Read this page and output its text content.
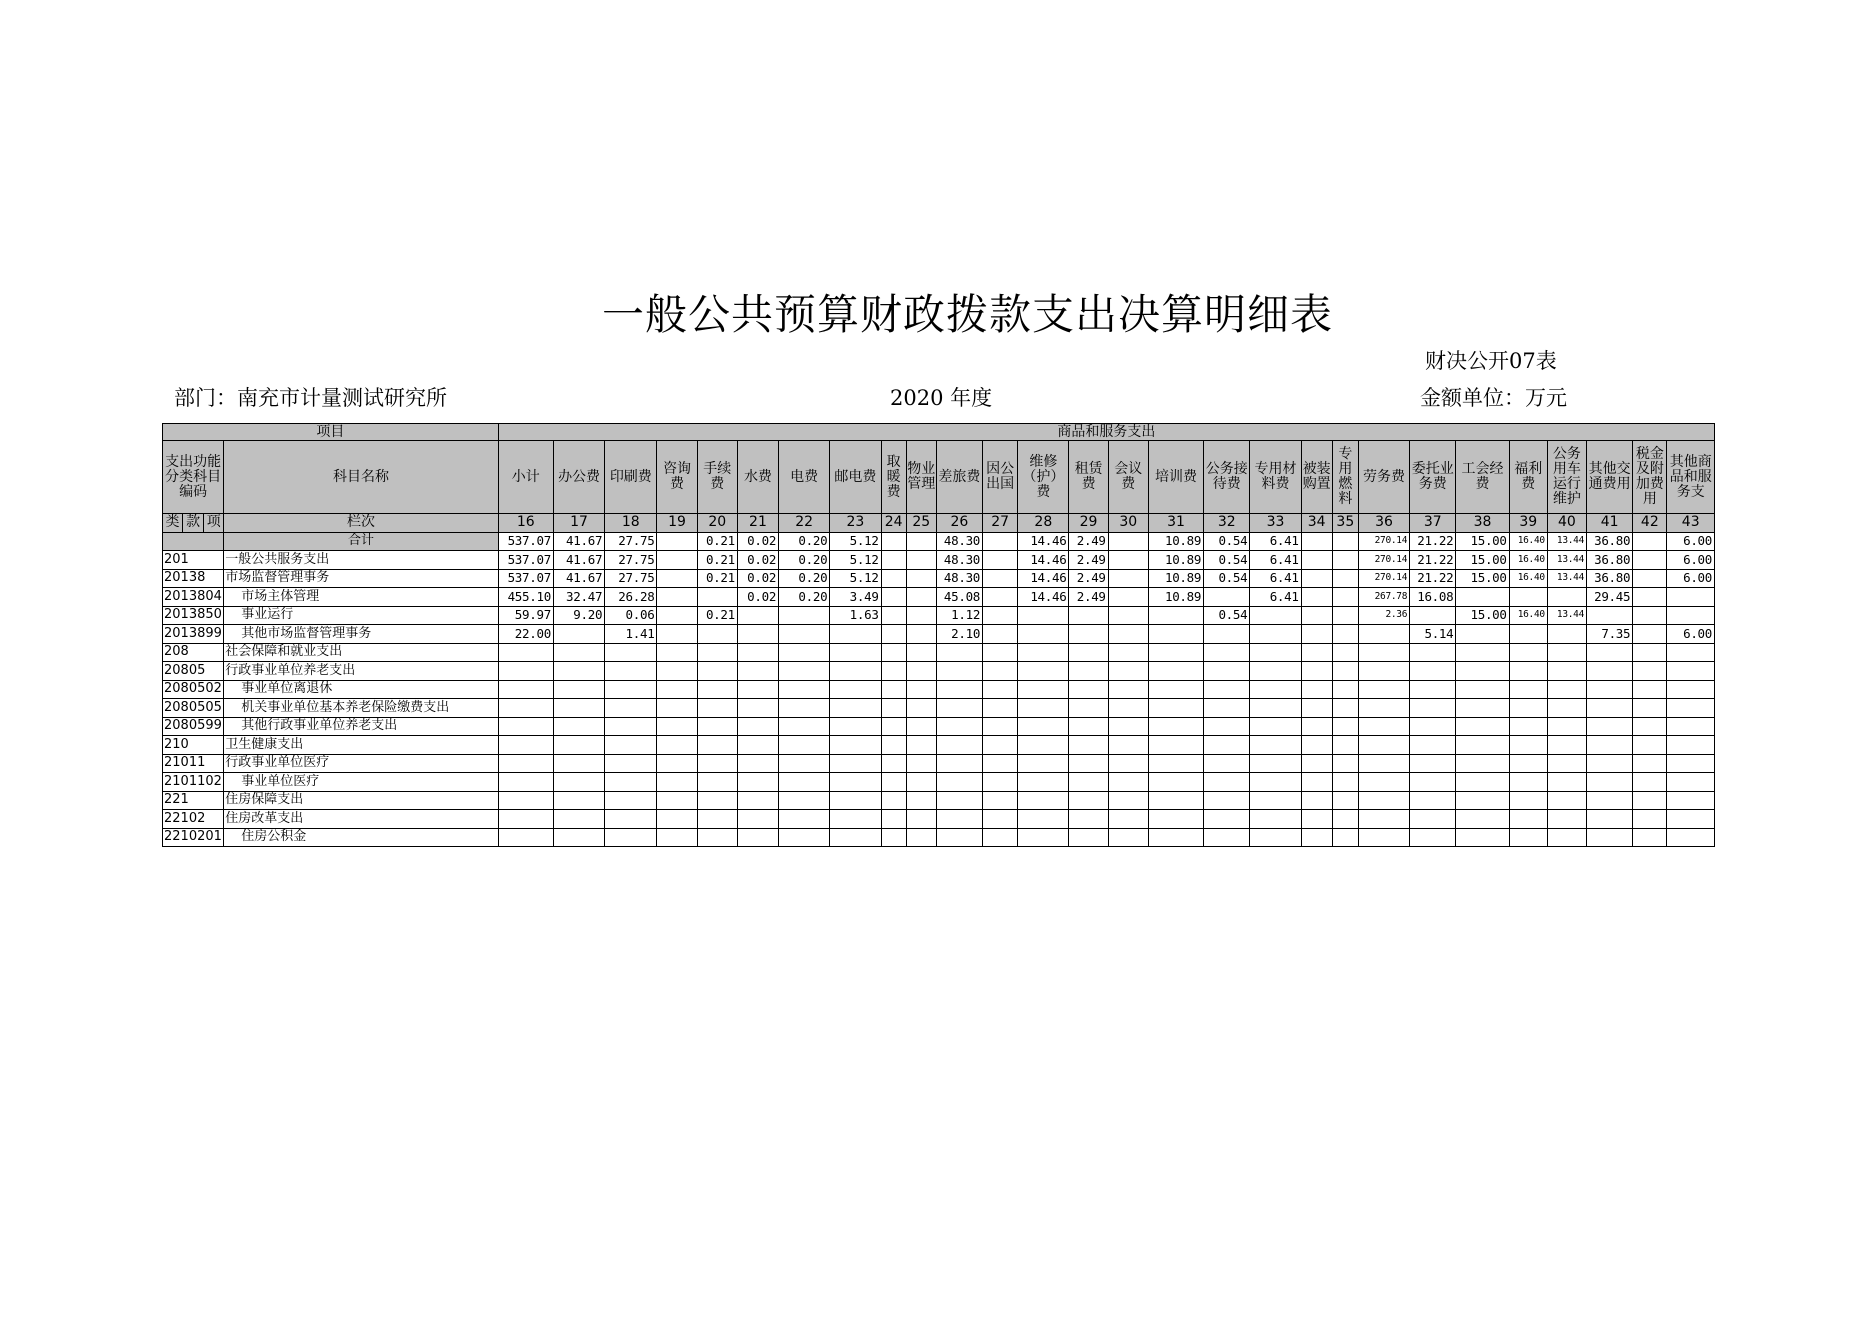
一般公共预算财政拨款支出决算明细表
财决公开07表
部门：南充市计量测试研究所	2020 年度	金额单位：万元
项目				商品和服务支出																											
支出功能分类科目编码			科目名称	小计	办公费	印刷费	咨询费	手续费	水费	电费	邮电费	取暖费	物业管理	差旅费	因公出国	维修（护）费	租赁费	会议费	培训费	公务接待费	专用材料费	被装购置	专用燃料	劳务费	委托业务费	工会经费	福利费	公务用车运行维护	其他交通费用	税金及附加费用	其他商品和服务支
类	款	项	栏次	16	17	18	19	20	21	22	23	24	25	26	27	28	29	30	31	32	33	34	35	36	37	38	39	40	41	42	43
			合计	537.07	41.67	27.75		0.21	0.02	0.20	5.12			48.30		14.46	2.49		10.89	0.54	6.41			270.14	21.22	15.00	16.40	13.44	36.80		6.00
201			一般公共服务支出	537.07	41.67	27.75		0.21	0.02	0.20	5.12			48.30		14.46	2.49		10.89	0.54	6.41			270.14	21.22	15.00	16.40	13.44	36.80		6.00
20138			市场监督管理事务	537.07	41.67	27.75		0.21	0.02	0.20	5.12			48.30		14.46	2.49		10.89	0.54	6.41			270.14	21.22	15.00	16.40	13.44	36.80		6.00
2013804			市场主体管理	455.10	32.47	26.28			0.02	0.20	3.49			45.08		14.46	2.49		10.89		6.41			267.78	16.08				29.45		
2013850			事业运行	59.97	9.20	0.06		0.21			1.63			1.12						0.54				2.36		15.00	16.40	13.44			
2013899			其他市场监督管理事务	22.00		1.41								2.10											5.14				7.35		6.00
208			社会保障和就业支出																												
20805			行政事业单位养老支出																												
2080502			事业单位离退休																												
2080505			机关事业单位基本养老保险缴费支出																												
2080599			其他行政事业单位养老支出																												
210			卫生健康支出																												
21011			行政事业单位医疗																												
2101102			事业单位医疗																												
221			住房保障支出																												
22102			住房改革支出																												
2210201			住房公积金																												
